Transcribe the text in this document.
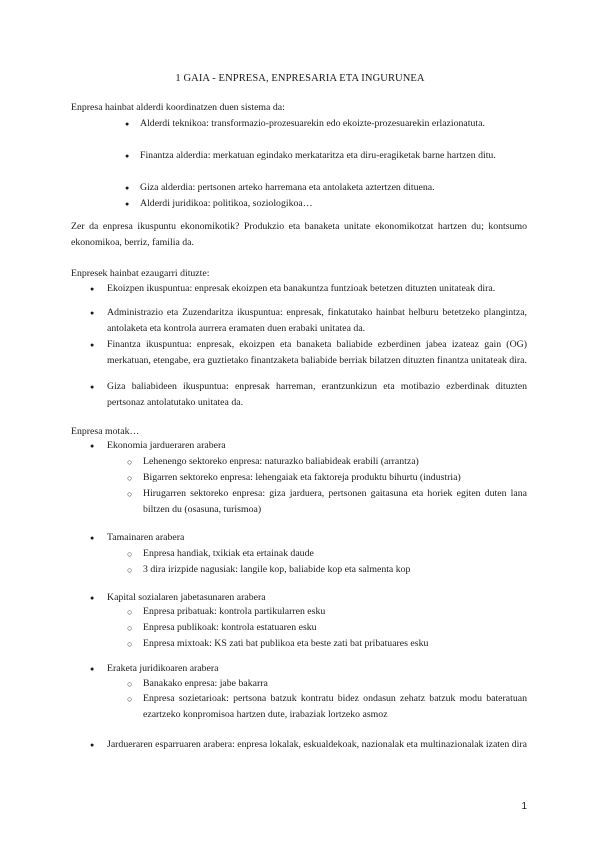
1 GAIA - ENPRESA, ENPRESARIA ETA INGURUNEA
Enpresa hainbat alderdi koordinatzen duen sistema da:
● Alderdi teknikoa: transformazio-prozesuarekin edo ekoizte-prozesuarekin erlazionatuta.
● Finantza alderdia: merkatuan egindako merkataritza eta diru-eragiketak barne hartzen ditu.
● Giza alderdia: pertsonen arteko harremana eta antolaketa aztertzen dituena.
● Alderdi juridikoa: politikoa, soziologikoa…
Zer da enpresa ikuspuntu ekonomikotik? Produkzio eta banaketa unitate ekonomikotzat hartzen du; kontsumo ekonomikoa, berriz, familia da.
Enpresek hainbat ezaugarri dituzte:
● Ekoizpen ikuspuntua: enpresak ekoizpen eta banakuntza funtzioak betetzen dituzten unitateak dira.
● Administrazio eta Zuzendaritza ikuspuntua: enpresak, finkatutako hainbat helburu betetzeko plangintza, antolaketa eta kontrola aurrera eramaten duen erabaki unitatea da.
● Finantza ikuspuntua: enpresak, ekoizpen eta banaketa baliabide ezberdinen jabea izateaz gain (OG) merkatuan, etengabe, era guztietako finantzaketa baliabide berriak bilatzen dituzten finantza unitateak dira.
● Giza baliabideen ikuspuntua: enpresak harreman, erantzunkizun eta motibazio ezberdinak dituzten pertsonaz antolatutako unitatea da.
Enpresa motak…
● Ekonomia jardueraren arabera
○ Lehenengo sektoreko enpresa: naturazko baliabideak erabili (arrantza)
○ Bigarren sektoreko enpresa: lehengaiak eta faktoreja produktu bihurtu (industria)
○ Hirugarren sektoreko enpresa: giza jarduera, pertsonen gaitasuna eta horiek egiten duten lana biltzen du (osasuna, turismoa)
● Tamainaren arabera
○ Enpresa handiak, txikiak eta ertainak daude
○ 3 dira irizpide nagusiak: langile kop, baliabide kop eta salmenta kop
● Kapital sozialaren jabetasunaren arabera
○ Enpresa pribatuak: kontrola partikularren esku
○ Enpresa publikoak: kontrola estatuaren esku
○ Enpresa mixtoak: KS zati bat publikoa eta beste zati bat pribatuares esku
● Eraketa juridikoaren arabera
○ Banakako enpresa: jabe bakarra
○ Enpresa sozietarioak: pertsona batzuk kontratu bidez ondasun zehatz batzuk modu bateratuan ezartzeko konpromisoa hartzen dute, irabaziak lortzeko asmoz
● Jardueraren esparruaren arabera: enpresa lokalak, eskualdekoak, nazionalak eta multinazionalak izaten dira
1
